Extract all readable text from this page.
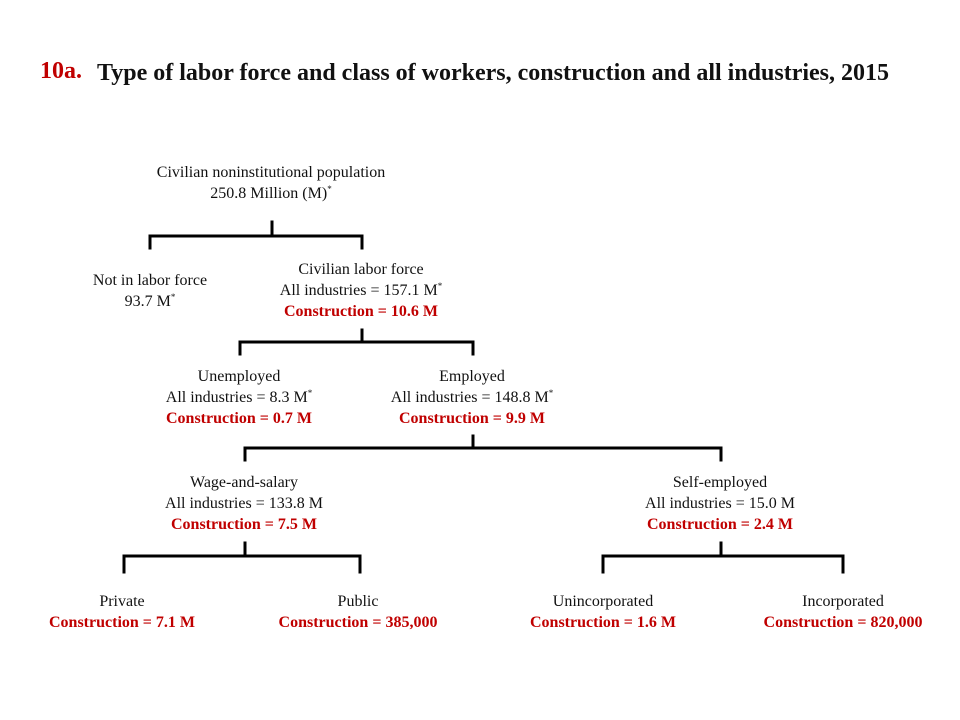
10a. Type of labor force and class of workers, construction and all industries, 2015
Civilian noninstitutional population
250.8 Million (M)*
Not in labor force
93.7 M*
Civilian labor force
All industries = 157.1 M*
Construction = 10.6 M
Unemployed
All industries = 8.3 M*
Construction = 0.7 M
Employed
All industries = 148.8 M*
Construction = 9.9 M
Wage-and-salary
All industries = 133.8 M
Construction = 7.5 M
Self-employed
All industries = 15.0 M
Construction = 2.4 M
Private
Construction = 7.1 M
Public
Construction = 385,000
Unincorporated
Construction = 1.6 M
Incorporated
Construction = 820,000
